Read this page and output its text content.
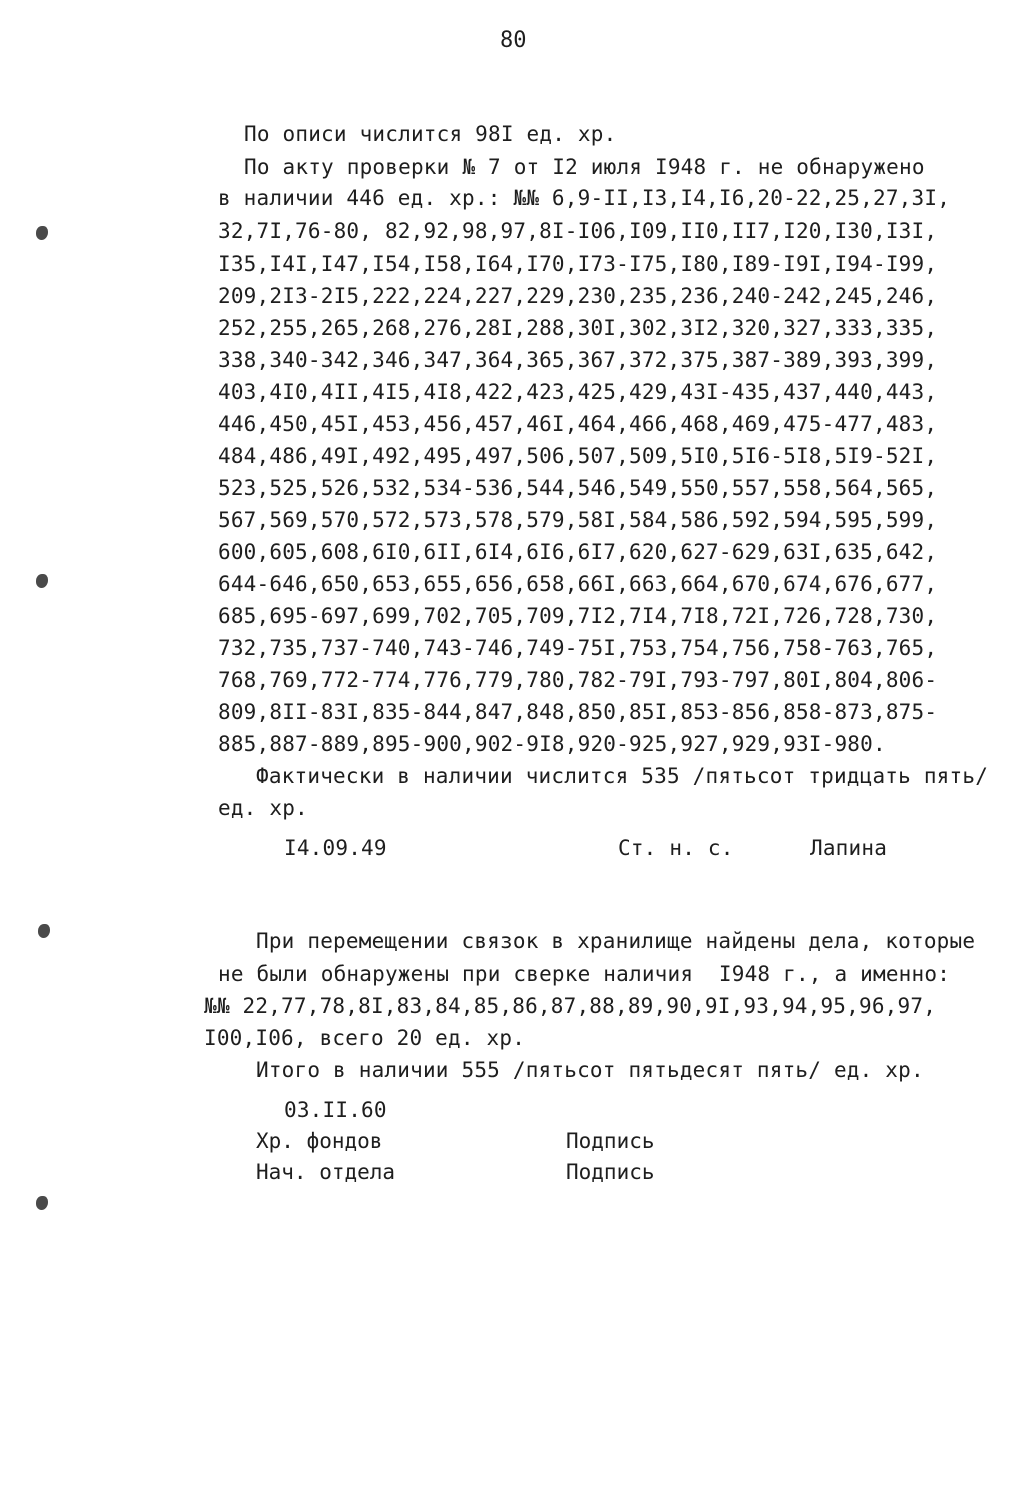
80
По описи числится 98I ед. хр.
По акту проверки № 7 от I2 июля I948 г. не обнаружено
в наличии 446 ед. хр.: №№ 6,9-II,I3,I4,I6,20-22,25,27,3I,
32,7I,76-80, 82,92,98,97,8I-I06,I09,II0,II7,I20,I30,I3I,
I35,I4I,I47,I54,I58,I64,I70,I73-I75,I80,I89-I9I,I94-I99,
209,2I3-2I5,222,224,227,229,230,235,236,240-242,245,246,
252,255,265,268,276,28I,288,30I,302,3I2,320,327,333,335,
338,340-342,346,347,364,365,367,372,375,387-389,393,399,
403,4I0,4II,4I5,4I8,422,423,425,429,43I-435,437,440,443,
446,450,45I,453,456,457,46I,464,466,468,469,475-477,483,
484,486,49I,492,495,497,506,507,509,5I0,5I6-5I8,5I9-52I,
523,525,526,532,534-536,544,546,549,550,557,558,564,565,
567,569,570,572,573,578,579,58I,584,586,592,594,595,599,
600,605,608,6I0,6II,6I4,6I6,6I7,620,627-629,63I,635,642,
644-646,650,653,655,656,658,66I,663,664,670,674,676,677,
685,695-697,699,702,705,709,7I2,7I4,7I8,72I,726,728,730,
732,735,737-740,743-746,749-75I,753,754,756,758-763,765,
768,769,772-774,776,779,780,782-79I,793-797,80I,804,806-
809,8II-83I,835-844,847,848,850,85I,853-856,858-873,875-
885,887-889,895-900,902-9I8,920-925,927,929,93I-980.
Фактически в наличии числится 535 /пятьсот тридцать пять/
ед. хр.
I4.09.49	Ст. н. с.	Лапина
При перемещении связок в хранилище найдены дела, которые
не были обнаружены при сверке наличия  I948 г., а именно:
№№ 22,77,78,8I,83,84,85,86,87,88,89,90,9I,93,94,95,96,97,
I00,I06, всего 20 ед. хр.
Итого в наличии 555 /пятьсот пятьдесят пять/ ед. хр.
03.II.60
Хр. фондов	Подпись
Нач. отдела	Подпись
